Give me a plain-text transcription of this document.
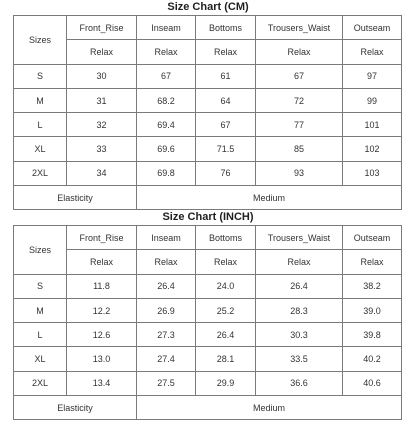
Size Chart (CM)
Sizes	Front_Rise	Inseam	Bottoms	Trousers_Waist	Outseam
	Relax	Relax	Relax	Relax	Relax
S	30	67	61	67	97
M	31	68.2	64	72	99
L	32	69.4	67	77	101
XL	33	69.6	71.5	85	102
2XL	34	69.8	76	93	103
Elasticity		Medium			
Size Chart (INCH)
Sizes	Front_Rise	Inseam	Bottoms	Trousers_Waist	Outseam
	Relax	Relax	Relax	Relax	Relax
S	11.8	26.4	24.0	26.4	38.2
M	12.2	26.9	25.2	28.3	39.0
L	12.6	27.3	26.4	30.3	39.8
XL	13.0	27.4	28.1	33.5	40.2
2XL	13.4	27.5	29.9	36.6	40.6
Elasticity		Medium			
